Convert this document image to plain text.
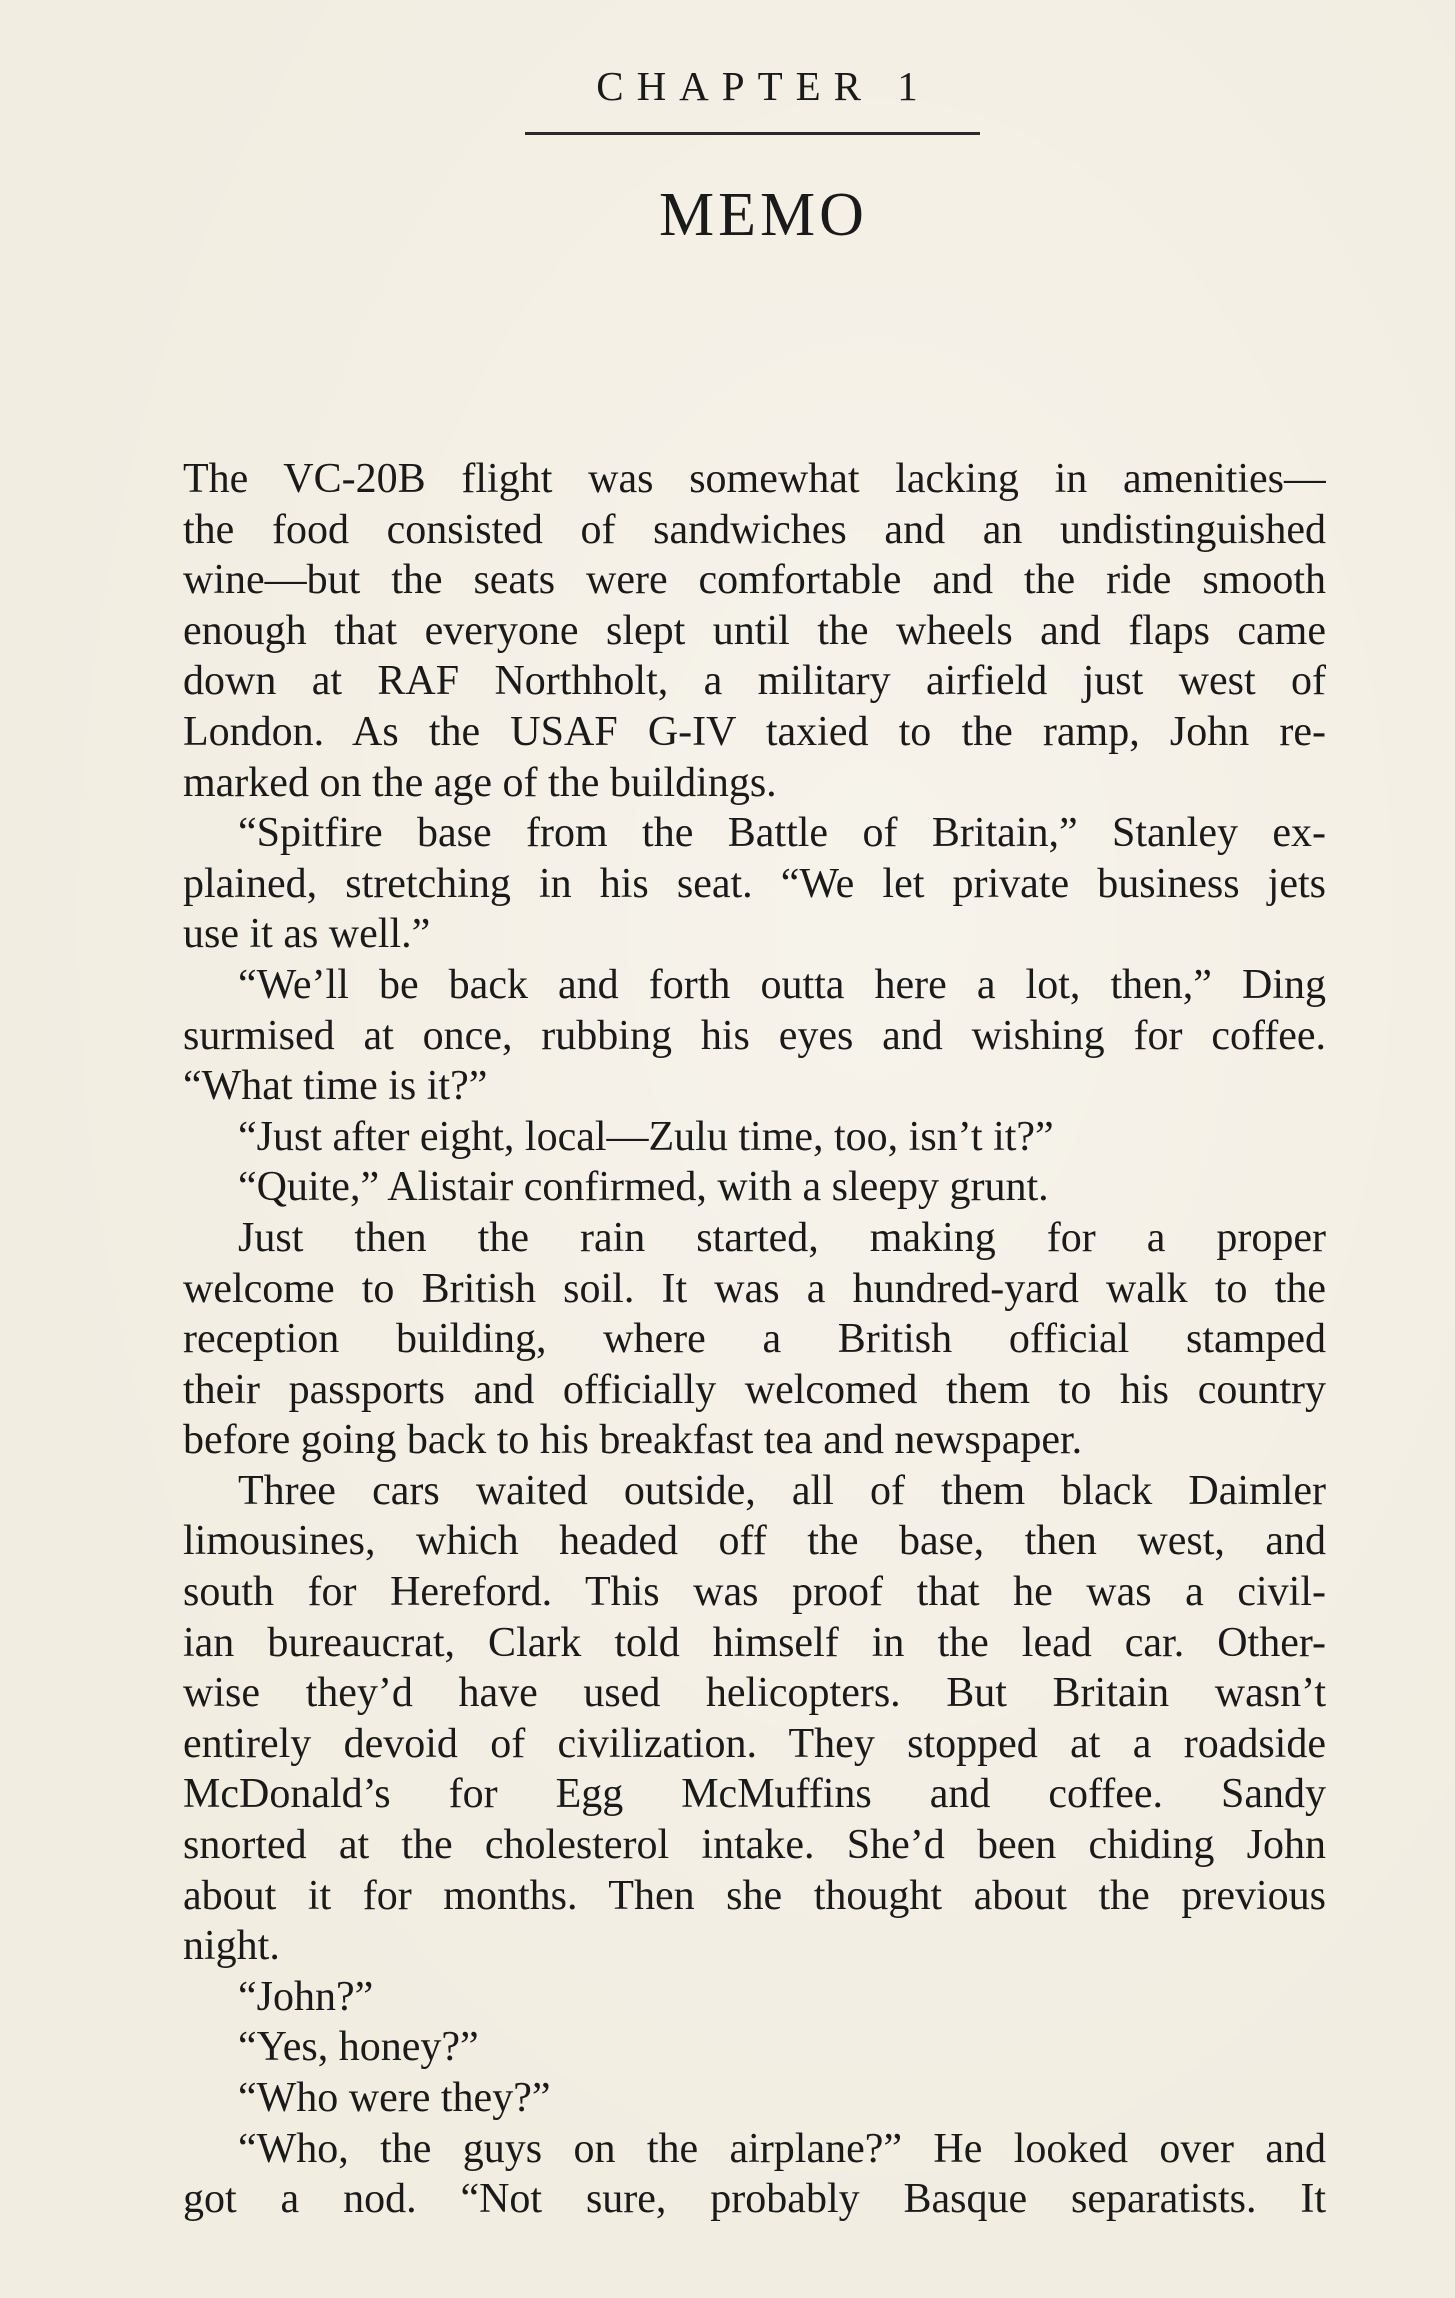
CHAPTER 1
MEMO
The VC-20B flight was somewhat lacking in amenities—
the food consisted of sandwiches and an undistinguished
wine—but the seats were comfortable and the ride smooth
enough that everyone slept until the wheels and flaps came
down at RAF Northholt, a military airfield just west of
London. As the USAF G-IV taxied to the ramp, John re-
marked on the age of the buildings.
“Spitfire base from the Battle of Britain,” Stanley ex-
plained, stretching in his seat. “We let private business jets
use it as well.”
“We’ll be back and forth outta here a lot, then,” Ding
surmised at once, rubbing his eyes and wishing for coffee.
“What time is it?”
“Just after eight, local—Zulu time, too, isn’t it?”
“Quite,” Alistair confirmed, with a sleepy grunt.
Just then the rain started, making for a proper
welcome to British soil. It was a hundred-yard walk to the
reception building, where a British official stamped
their passports and officially welcomed them to his country
before going back to his breakfast tea and newspaper.
Three cars waited outside, all of them black Daimler
limousines, which headed off the base, then west, and
south for Hereford. This was proof that he was a civil-
ian bureaucrat, Clark told himself in the lead car. Other-
wise they’d have used helicopters. But Britain wasn’t
entirely devoid of civilization. They stopped at a roadside
McDonald’s for Egg McMuffins and coffee. Sandy
snorted at the cholesterol intake. She’d been chiding John
about it for months. Then she thought about the previous
night.
“John?”
“Yes, honey?”
“Who were they?”
“Who, the guys on the airplane?” He looked over and
got a nod. “Not sure, probably Basque separatists. It
